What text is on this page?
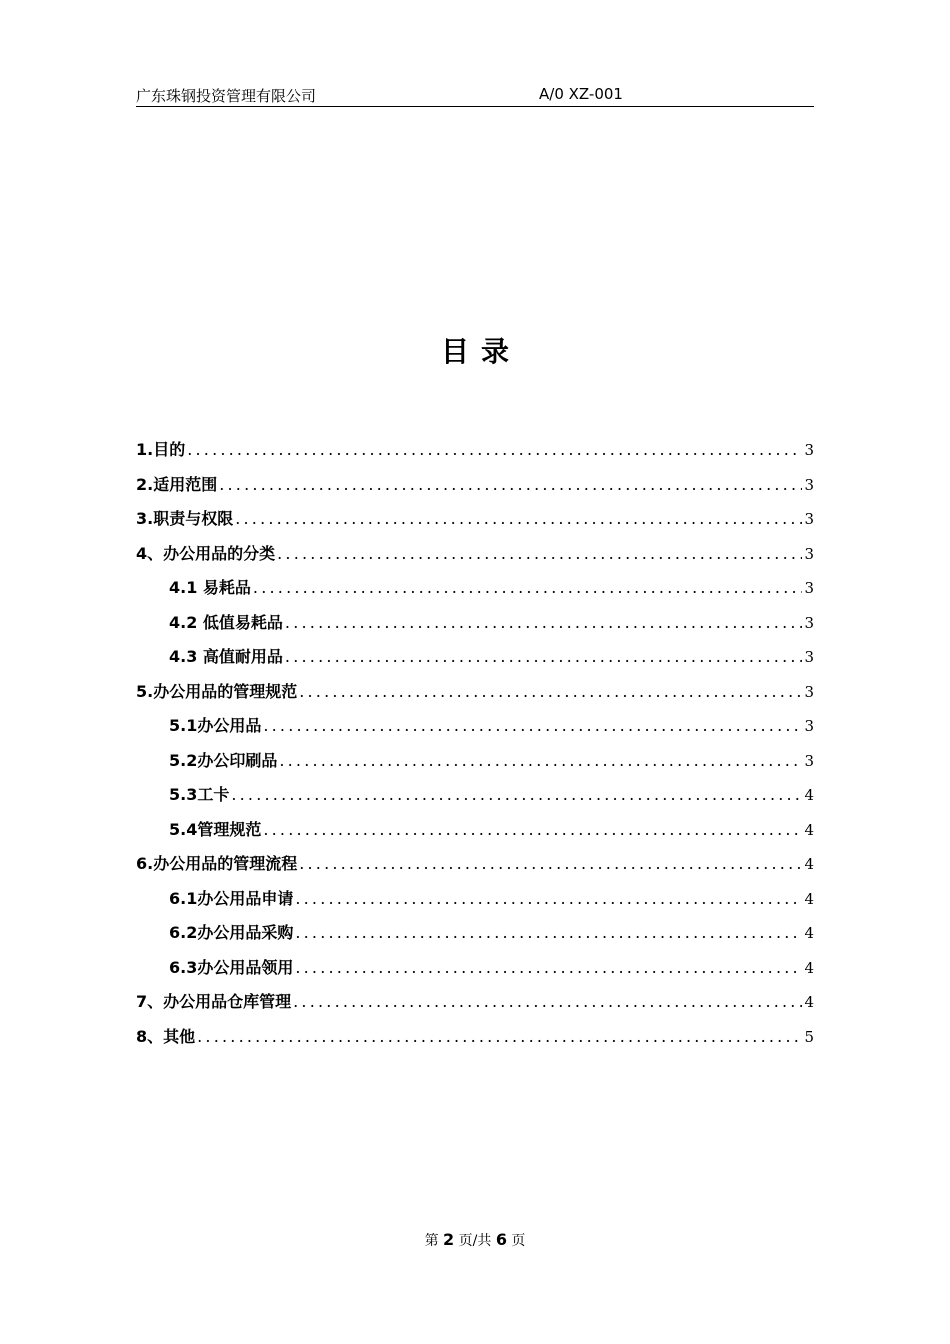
广东珠钢投资管理有限公司	A/0 XZ-001
目录
1.目的 .....	3
2.适用范围 .....	3
3.职责与权限 .....	3
4、办公用品的分类 .....	3
4.1 易耗品 .....	3
4.2 低值易耗品 .....	3
4.3 高值耐用品 .....	3
5.办公用品的管理规范 .....	3
5.1办公用品 .....	3
5.2办公印刷品 .....	3
5.3工卡 .....	4
5.4管理规范 .....	4
6.办公用品的管理流程 .....	4
6.1办公用品申请 .....	4
6.2办公用品采购 .....	4
6.3办公用品领用 .....	4
7、办公用品仓库管理 .....	4
8、其他 .....	5
第 2 页/共 6 页
